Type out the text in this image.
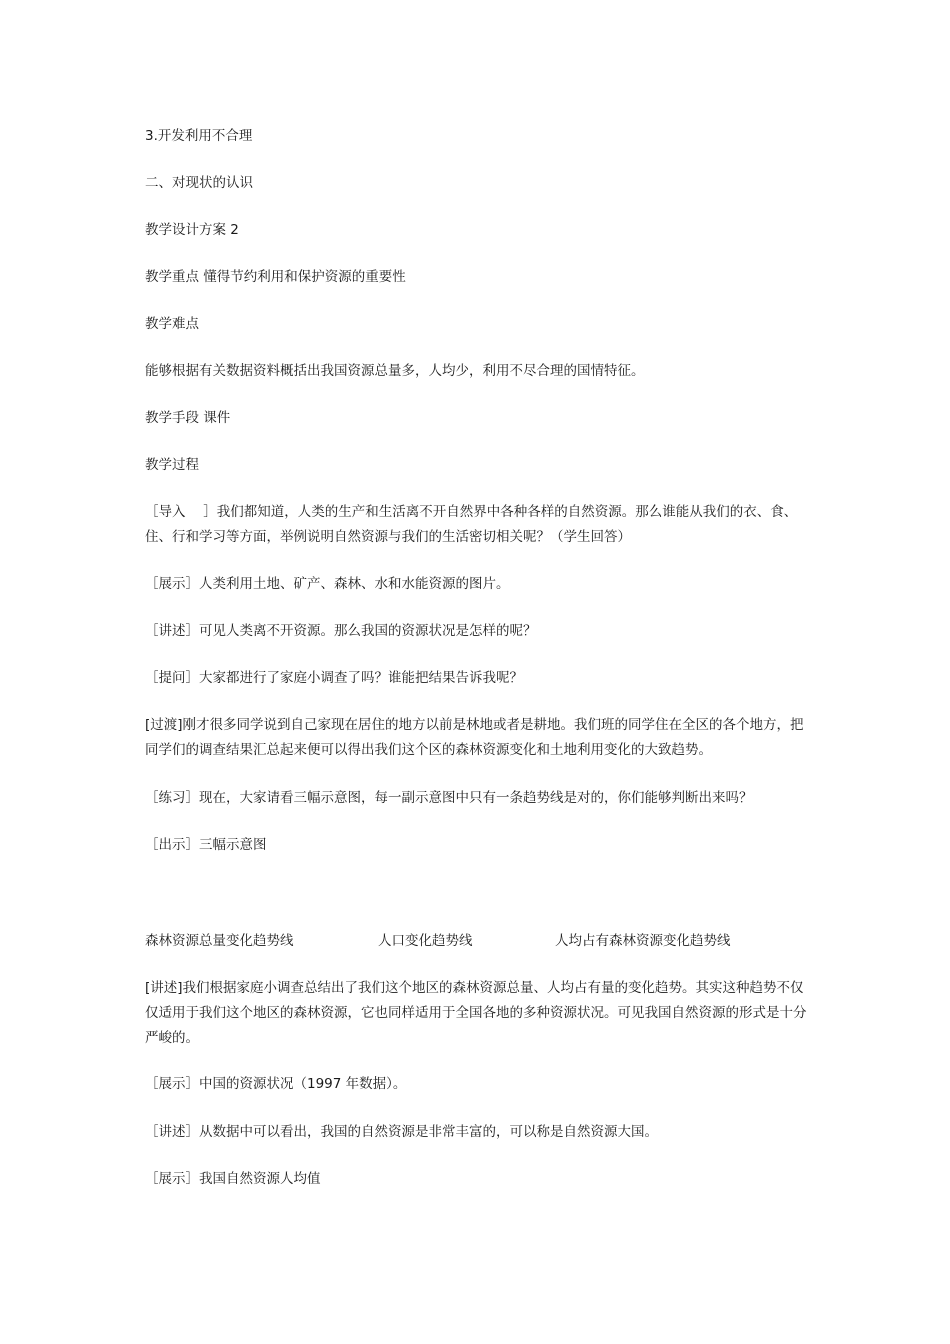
3.开发利用不合理

二、对现状的认识

教学设计方案 2

教学重点 懂得节约利用和保护资源的重要性

教学难点

能够根据有关数据资料概括出我国资源总量多，人均少，利用不尽合理的国情特征。

教学手段 课件

教学过程

［导入　 ］我们都知道，人类的生产和生活离不开自然界中各种各样的自然资源。那么谁能从我们的衣、食、住、行和学习等方面，举例说明自然资源与我们的生活密切相关呢？（学生回答）

［展示］人类利用土地、矿产、森林、水和水能资源的图片。

［讲述］可见人类离不开资源。那么我国的资源状况是怎样的呢？

［提问］大家都进行了家庭小调查了吗？谁能把结果告诉我呢？

[过渡]刚才很多同学说到自己家现在居住的地方以前是林地或者是耕地。我们班的同学住在全区的各个地方，把同学们的调查结果汇总起来便可以得出我们这个区的森林资源变化和土地利用变化的大致趋势。

［练习］现在，大家请看三幅示意图，每一副示意图中只有一条趋势线是对的，你们能够判断出来吗？

［出示］三幅示意图

森林资源总量变化趋势线	人口变化趋势线	人均占有森林资源变化趋势线

[讲述]我们根据家庭小调查总结出了我们这个地区的森林资源总量、人均占有量的变化趋势。其实这种趋势不仅仅适用于我们这个地区的森林资源，它也同样适用于全国各地的多种资源状况。可见我国自然资源的形式是十分严峻的。

［展示］中国的资源状况（1997 年数据）。

［讲述］从数据中可以看出，我国的自然资源是非常丰富的，可以称是自然资源大国。

［展示］我国自然资源人均值
